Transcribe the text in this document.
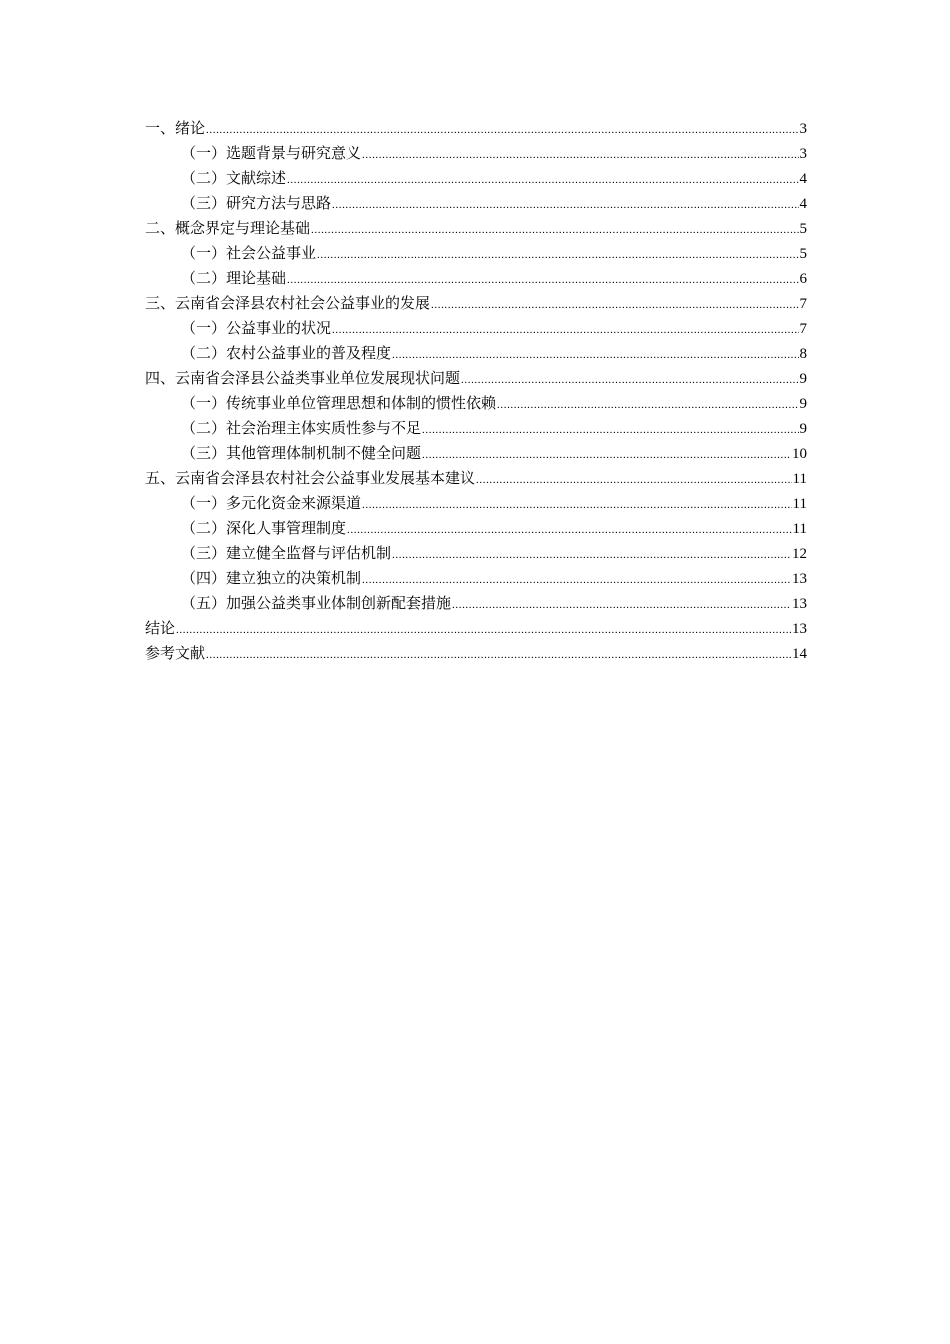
一、绪论 .....	3
（一）选题背景与研究意义 .....	3
（二）文献综述 .....	4
（三）研究方法与思路 .....	4
二、概念界定与理论基础 .....	5
（一）社会公益事业 .....	5
（二）理论基础 .....	6
三、云南省会泽县农村社会公益事业的发展 .....	7
（一）公益事业的状况 .....	7
（二）农村公益事业的普及程度 .....	8
四、云南省会泽县公益类事业单位发展现状问题 .....	9
（一）传统事业单位管理思想和体制的惯性依赖 .....	9
（二）社会治理主体实质性参与不足 .....	9
（三）其他管理体制机制不健全问题 .....	10
五、云南省会泽县农村社会公益事业发展基本建议 .....	11
（一）多元化资金来源渠道 .....	11
（二）深化人事管理制度 .....	11
（三）建立健全监督与评估机制 .....	12
（四）建立独立的决策机制 .....	13
（五）加强公益类事业体制创新配套措施 .....	13
结论 .....	13
参考文献 .....	14
